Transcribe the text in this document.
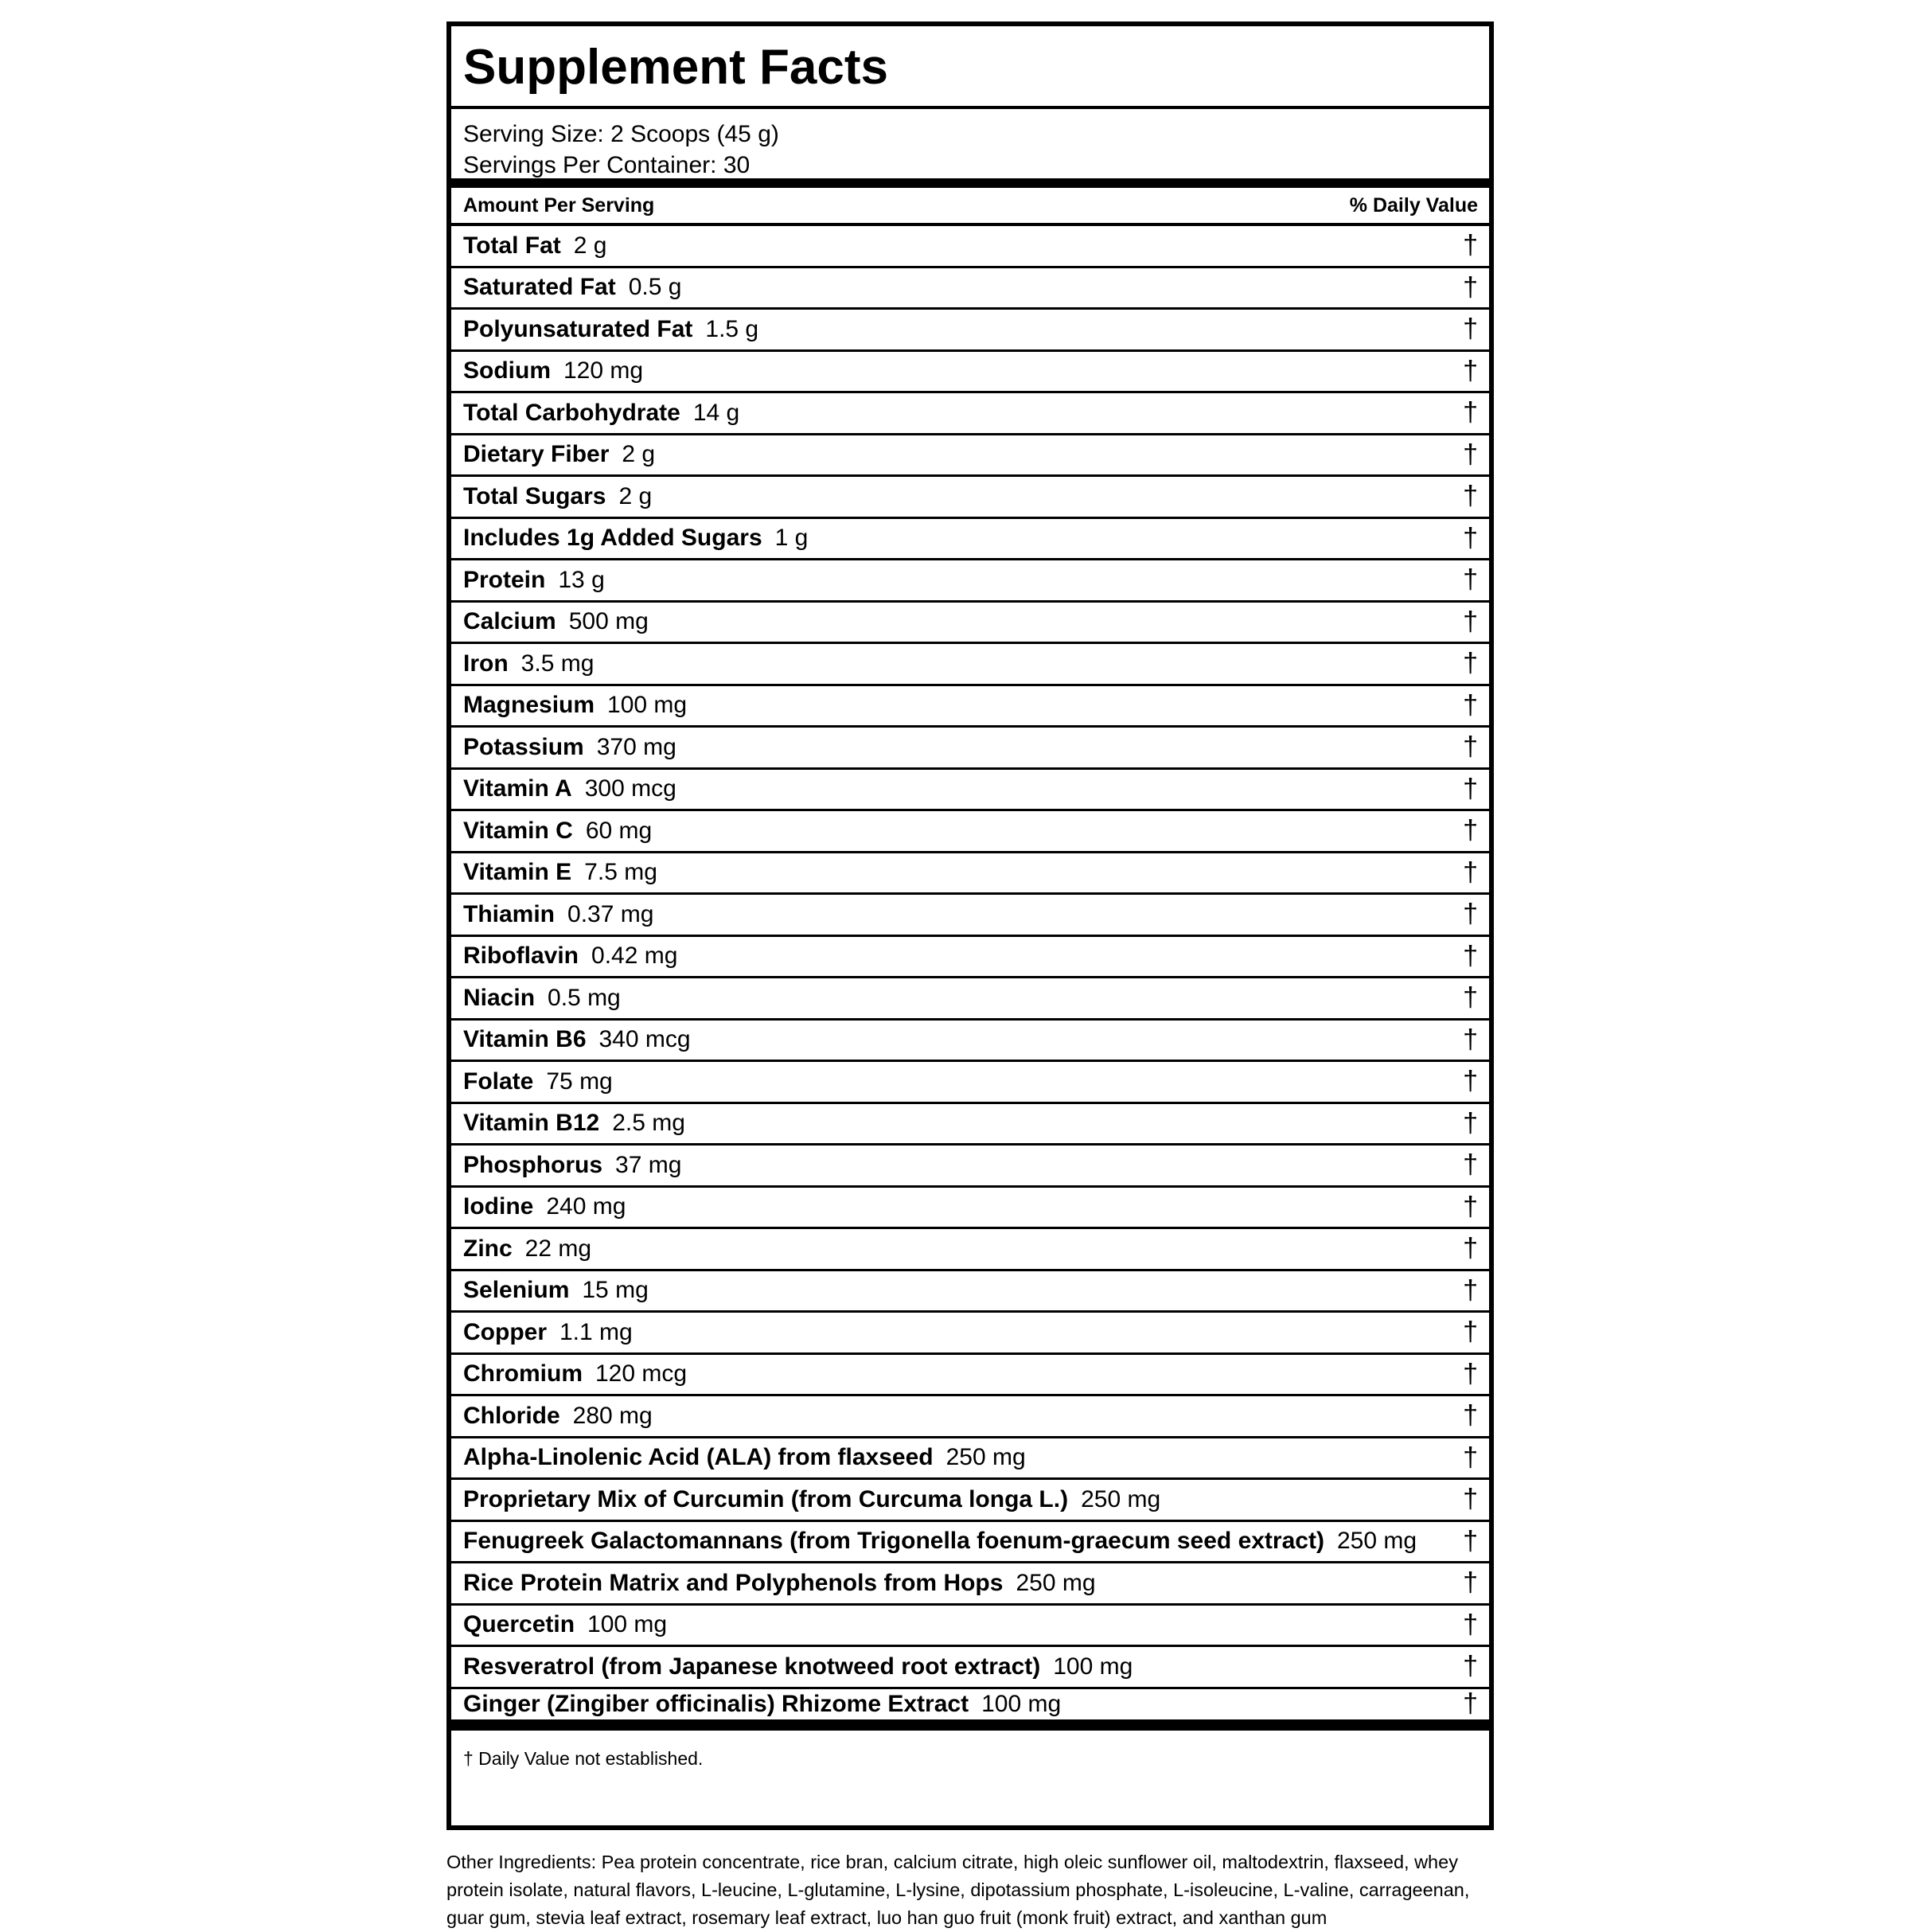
Supplement Facts
Serving Size: 2 Scoops (45 g)
Servings Per Container: 30
Amount Per Serving	% Daily Value
Total Fat 2 g	†
Saturated Fat 0.5 g	†
Polyunsaturated Fat 1.5 g	†
Sodium 120 mg	†
Total Carbohydrate 14 g	†
Dietary Fiber 2 g	†
Total Sugars 2 g	†
Includes 1g Added Sugars 1 g	†
Protein 13 g	†
Calcium 500 mg	†
Iron 3.5 mg	†
Magnesium 100 mg	†
Potassium 370 mg	†
Vitamin A 300 mcg	†
Vitamin C 60 mg	†
Vitamin E 7.5 mg	†
Thiamin 0.37 mg	†
Riboflavin 0.42 mg	†
Niacin 0.5 mg	†
Vitamin B6 340 mcg	†
Folate 75 mg	†
Vitamin B12 2.5 mg	†
Phosphorus 37 mg	†
Iodine 240 mg	†
Zinc 22 mg	†
Selenium 15 mg	†
Copper 1.1 mg	†
Chromium 120 mcg	†
Chloride 280 mg	†
Alpha-Linolenic Acid (ALA) from flaxseed 250 mg	†
Proprietary Mix of Curcumin (from Curcuma longa L.) 250 mg	†
Fenugreek Galactomannans (from Trigonella foenum-graecum seed extract) 250 mg †
Rice Protein Matrix and Polyphenols from Hops 250 mg	†
Quercetin 100 mg	†
Resveratrol (from Japanese knotweed root extract) 100 mg	†
Ginger (Zingiber officinalis) Rhizome Extract 100 mg	†
† Daily Value not established.
Other Ingredients: Pea protein concentrate, rice bran, calcium citrate, high oleic sunflower oil, maltodextrin, flaxseed, whey protein isolate, natural flavors, L-leucine, L-glutamine, L-lysine, dipotassium phosphate, L-isoleucine, L-valine, carrageenan, guar gum, stevia leaf extract, rosemary leaf extract, luo han guo fruit (monk fruit) extract, and xanthan gum
